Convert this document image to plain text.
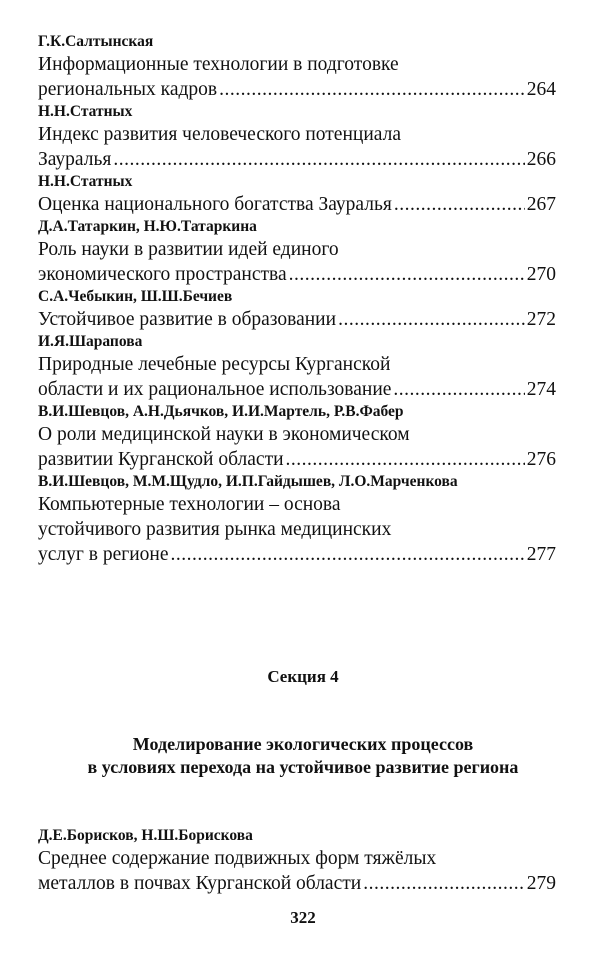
Г.К.Салтынская
Информационные технологии в подготовке
региональных кадров .....	264
Н.Н.Статных
Индекс развития человеческого потенциала
Зауралья .....	266
Н.Н.Статных
Оценка национального богатства Зауралья .....	267
Д.А.Татаркин, Н.Ю.Татаркина
Роль науки в развитии идей единого
экономического пространства .....	270
С.А.Чебыкин, Ш.Ш.Бечиев
Устойчивое развитие в образовании .....	272
И.Я.Шарапова
Природные лечебные ресурсы Курганской
области и их рациональное использование .....	274
В.И.Шевцов, А.Н.Дьячков, И.И.Мартель, Р.В.Фабер
О роли медицинской науки в экономическом
развитии Курганской области .....	276
В.И.Шевцов, М.М.Щудло, И.П.Гайдышев, Л.О.Марченкова
Компьютерные технологии – основа
устойчивого развития рынка медицинских
услуг в регионе .....	277
Секция 4
Моделирование экологических процессов
в условиях перехода на устойчивое развитие региона
Д.Е.Борисков, Н.Ш.Борискова
Среднее содержание подвижных форм тяжёлых
металлов в почвах Курганской области .....	279
322
